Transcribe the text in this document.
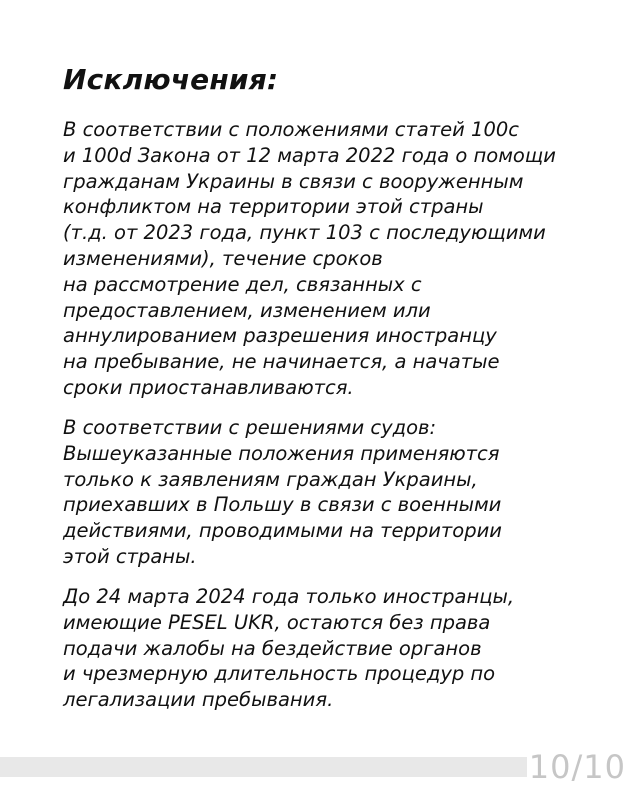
Исключения:
В соответствии с положениями статей 100с
и 100d Закона от 12 марта 2022 года о помощи
гражданам Украины в связи с вооруженным
конфликтом на территории этой страны
(т.д. от 2023 года, пункт 103 с последующими
изменениями), течение сроков
на рассмотрение дел, связанных с
предоставлением, изменением или
аннулированием разрешения иностранцу
на пребывание, не начинается, а начатые
сроки приостанавливаются.
В соответствии с решениями судов:
Вышеуказанные положения применяются
только к заявлениям граждан Украины,
приехавших в Польшу в связи с военными
действиями, проводимыми на территории
этой страны.
До 24 марта 2024 года только иностранцы,
имеющие PESEL UKR, остаются без права
подачи жалобы на бездействие органов
и чрезмерную длительность процедур по
легализации пребывания.
10/10
